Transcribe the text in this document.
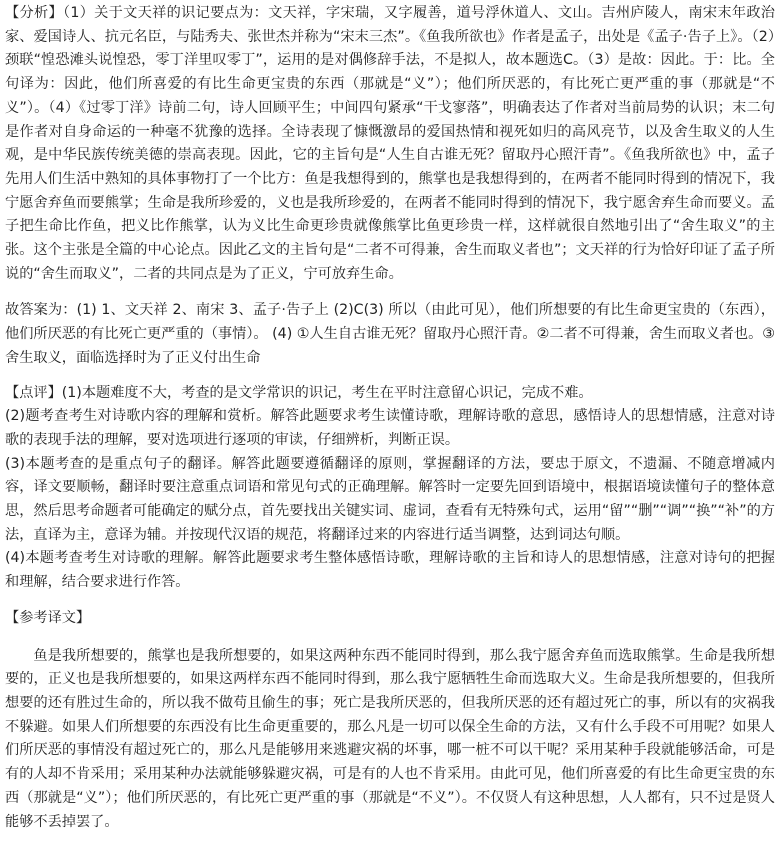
【分析】（1）关于文天祥的识记要点为：文天祥，字宋瑞，又字履善，道号浮休道人、文山。吉州庐陵人，南宋末年政治家、爱国诗人、抗元名臣，与陆秀夫、张世杰并称为“宋末三杰”。《鱼我所欲也》作者是孟子，出处是《孟子·告子上》。（2）颈联“惶恐滩头说惶恐，零丁洋里叹零丁”，运用的是对偶修辞手法，不是拟人，故本题选C。（3）是故：因此。于：比。全句译为：因此，他们所喜爱的有比生命更宝贵的东西（那就是“义”）；他们所厌恶的，有比死亡更严重的事（那就是“不义”）。（4）《过零丁洋》诗前二句，诗人回顾平生；中间四句紧承“干戈寥落”，明确表达了作者对当前局势的认识；末二句是作者对自身命运的一种毫不犹豫的选择。全诗表现了慷慨激昂的爱国热情和视死如归的高风亮节，以及舍生取义的人生观，是中华民族传统美德的崇高表现。因此，它的主旨句是“人生自古谁无死？留取丹心照汗青”。《鱼我所欲也》中，孟子先用人们生活中熟知的具体事物打了一个比方：鱼是我想得到的，熊掌也是我想得到的，在两者不能同时得到的情况下，我宁愿舍弃鱼而要熊掌；生命是我所珍爱的，义也是我所珍爱的，在两者不能同时得到的情况下，我宁愿舍弃生命而要义。孟子把生命比作鱼，把义比作熊掌，认为义比生命更珍贵就像熊掌比鱼更珍贵一样，这样就很自然地引出了“舍生取义”的主张。这个主张是全篇的中心论点。因此乙文的主旨句是“二者不可得兼，舍生而取义者也”；文天祥的行为恰好印证了孟子所说的“舍生而取义”，二者的共同点是为了正义，宁可放弃生命。

故答案为：(1) 1、文天祥 2、南宋 3、孟子·告子上 (2)C(3) 所以（由此可见），他们所想要的有比生命更宝贵的（东西），他们所厌恶的有比死亡更严重的（事情）。 (4) ①人生自古谁无死？留取丹心照汗青。②二者不可得兼，舍生而取义者也。③舍生取义，面临选择时为了正义付出生命

【点评】(1)本题难度不大，考查的是文学常识的识记，考生在平时注意留心识记，完成不难。

(2)题考查考生对诗歌内容的理解和赏析。解答此题要求考生读懂诗歌，理解诗歌的意思，感悟诗人的思想情感，注意对诗歌的表现手法的理解，要对选项进行逐项的审读，仔细辨析，判断正误。

(3)本题考查的是重点句子的翻译。解答此题要遵循翻译的原则，掌握翻译的方法，要忠于原文，不遗漏、不随意增减内容，译文要顺畅，翻译时要注意重点词语和常见句式的正确理解。解答时一定要先回到语境中，根据语境读懂句子的整体意思，然后思考命题者可能确定的赋分点，首先要找出关键实词、虚词，查看有无特殊句式，运用“留”“删”“调”“换”“补”的方法，直译为主，意译为辅。并按现代汉语的规范，将翻译过来的内容进行适当调整，达到词达句顺。

(4)本题考查考生对诗歌的理解。解答此题要求考生整体感悟诗歌，理解诗歌的主旨和诗人的思想情感，注意对诗句的把握和理解，结合要求进行作答。

【参考译文】

鱼是我所想要的，熊掌也是我所想要的，如果这两种东西不能同时得到，那么我宁愿舍弃鱼而选取熊掌。生命是我所想要的，正义也是我所想要的，如果这两样东西不能同时得到，那么我宁愿牺牲生命而选取大义。生命是我所想要的，但我所想要的还有胜过生命的，所以我不做苟且偷生的事；死亡是我所厌恶的，但我所厌恶的还有超过死亡的事，所以有的灾祸我不躲避。如果人们所想要的东西没有比生命更重要的，那么凡是一切可以保全生命的方法，又有什么手段不可用呢？如果人们所厌恶的事情没有超过死亡的，那么凡是能够用来逃避灾祸的坏事，哪一桩不可以干呢？采用某种手段就能够活命，可是有的人却不肯采用；采用某种办法就能够躲避灾祸，可是有的人也不肯采用。由此可见，他们所喜爱的有比生命更宝贵的东西（那就是“义”）；他们所厌恶的，有比死亡更严重的事（那就是“不义”）。不仅贤人有这种思想，人人都有，只不过是贤人能够不丢掉罢了。
